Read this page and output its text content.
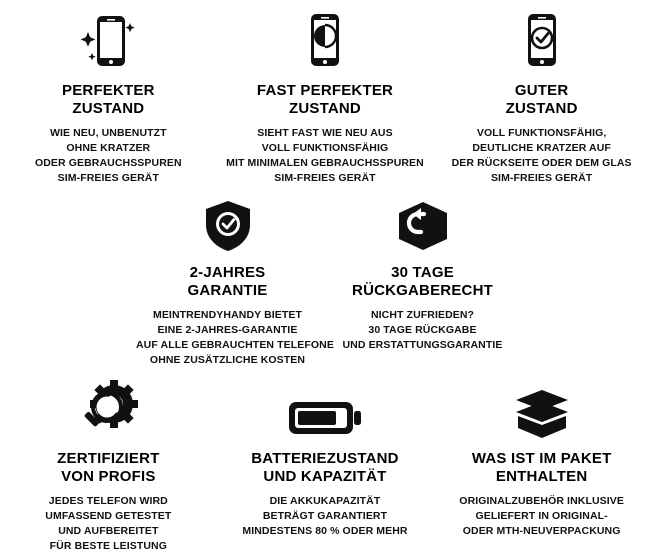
PERFEKTER
ZUSTAND
WIE NEU, UNBENUTZT
OHNE KRATZER
ODER GEBRAUCHSSPUREN
SIM-FREIES GERÄT
FAST PERFEKTER
ZUSTAND
SIEHT FAST WIE NEU AUS
VOLL FUNKTIONSFÄHIG
MIT MINIMALEN GEBRAUCHSSPUREN
SIM-FREIES GERÄT
GUTER
ZUSTAND
VOLL FUNKTIONSFÄHIG,
DEUTLICHE KRATZER AUF
DER RÜCKSEITE ODER DEM GLAS
SIM-FREIES GERÄT
2-JAHRES
GARANTIE
MEINTRENDYHANDY BIETET
EINE 2-JAHRES-GARANTIE
AUF ALLE GEBRAUCHTEN TELEFONE
OHNE ZUSÄTZLICHE KOSTEN
30 TAGE
RÜCKGABERECHT
NICHT ZUFRIEDEN?
30 TAGE RÜCKGABE
UND ERSTATTUNGSGARANTIE
ZERTIFIZIERT
VON PROFIS
JEDES TELEFON WIRD
UMFASSEND GETESTET
UND AUFBEREITET
FÜR BESTE LEISTUNG
BATTERIEZUSTAND
UND KAPAZITÄT
DIE AKKUKAPAZITÄT
BETRÄGT GARANTIERT
MINDESTENS 80 % ODER MEHR
WAS IST IM PAKET
ENTHALTEN
ORIGINALZUBEHÖR INKLUSIVE
GELIEFERT IN ORIGINAL-
ODER MTH-NEUVERPACKUNG
